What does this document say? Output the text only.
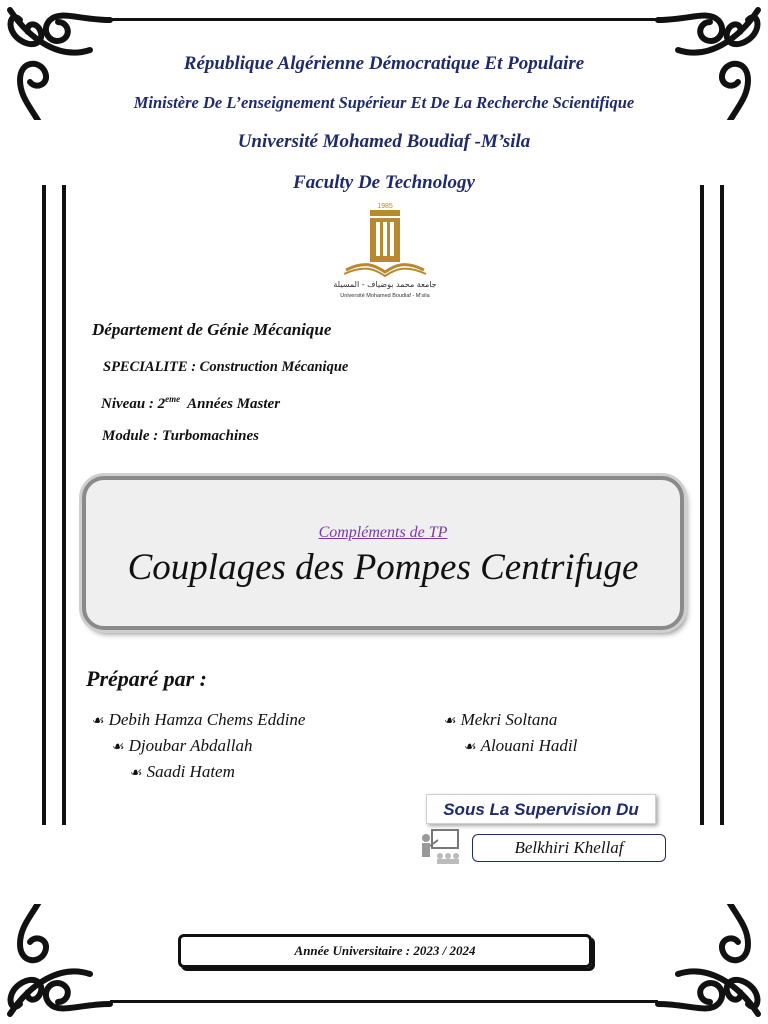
République Algérienne Démocratique Et Populaire
Ministère De L’enseignement Supérieur Et De La Recherche Scientifique
Université Mohamed Boudiaf -M’sila
Faculty De Technology
1985
جامعة محمد بوضياف - المسيلة
Université Mohamed Boudiaf - M'sila
Département de Génie Mécanique
SPECIALITE : Construction Mécanique
Niveau : 2eme Années Master
Module : Turbomachines
Compléments de TP
Couplages des Pompes Centrifuge
Préparé par :
☙ Debih Hamza Chems Eddine
☙ Djoubar Abdallah
☙ Saadi Hatem
☙ Mekri Soltana
☙ Alouani Hadil
Sous La Supervision Du
Belkhiri Khellaf
Année Universitaire : 2023 / 2024
